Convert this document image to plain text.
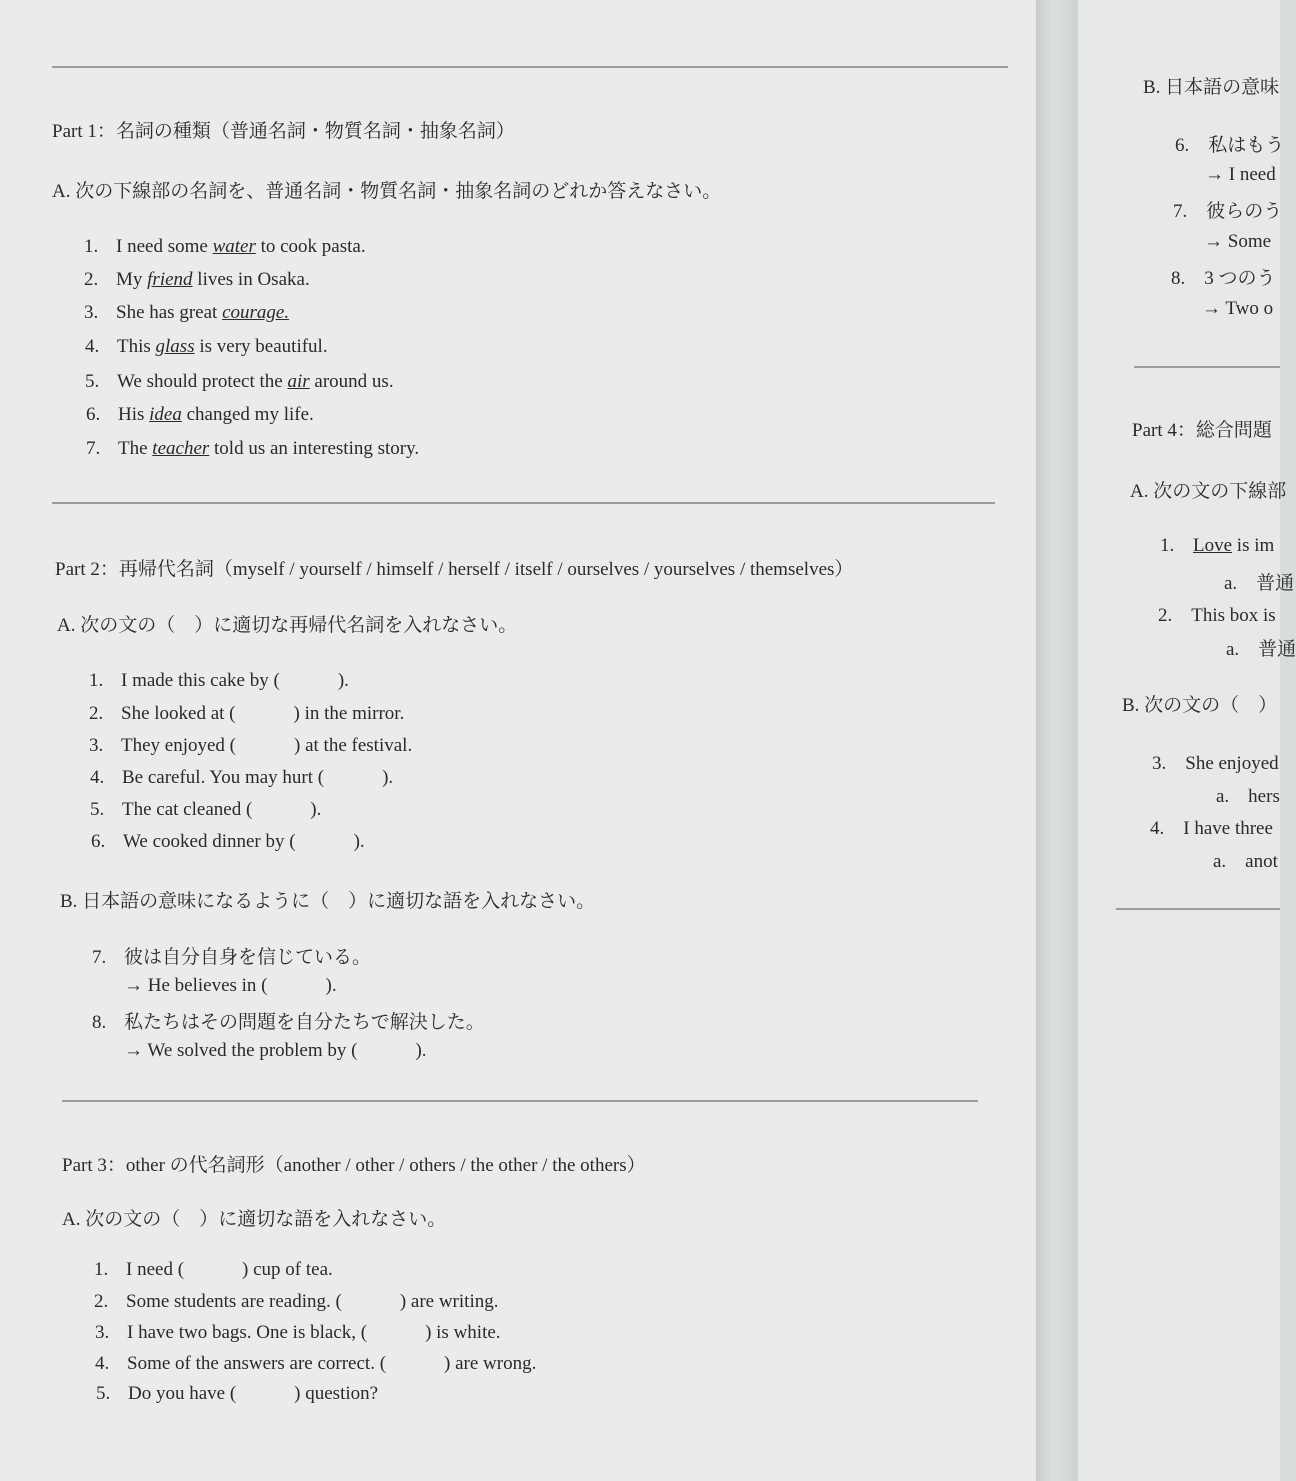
Part 1：名詞の種類（普通名詞・物質名詞・抽象名詞）
A. 次の下線部の名詞を、普通名詞・物質名詞・抽象名詞のどれか答えなさい。
1. I need some water to cook pasta.
2. My friend lives in Osaka.
3. She has great courage.
4. This glass is very beautiful.
5. We should protect the air around us.
6. His idea changed my life.
7. The teacher told us an interesting story.
Part 2：再帰代名詞（myself / yourself / himself / herself / itself / ourselves / yourselves / themselves）
A. 次の文の（　）に適切な再帰代名詞を入れなさい。
1. I made this cake by (	).
2. She looked at (	) in the mirror.
3. They enjoyed (	) at the festival.
4. Be careful. You may hurt (	).
5. The cat cleaned (	).
6. We cooked dinner by (	).
B. 日本語の意味になるように（　）に適切な語を入れなさい。
7. 彼は自分自身を信じている。
→ He believes in (	).
8. 私たちはその問題を自分たちで解決した。
→ We solved the problem by (	).
Part 3：other の代名詞形（another / other / others / the other / the others）
A. 次の文の（　）に適切な語を入れなさい。
1. I need (	) cup of tea.
2. Some students are reading. (	) are writing.
3. I have two bags. One is black, (	) is white.
4. Some of the answers are correct. (	) are wrong.
5. Do you have (	) question?
B. 日本語の意味
6.　私はもう
→ I need
7.　彼らのう
→ Some
8.　3 つのう
→ Two o
Part 4：総合問題
A. 次の文の下線部
1. Love is im
a.　普通
2.　This box is
a.　普通
B. 次の文の（　）
3.　She enjoyed
a.　hers
4.　I have three
a.　anot
